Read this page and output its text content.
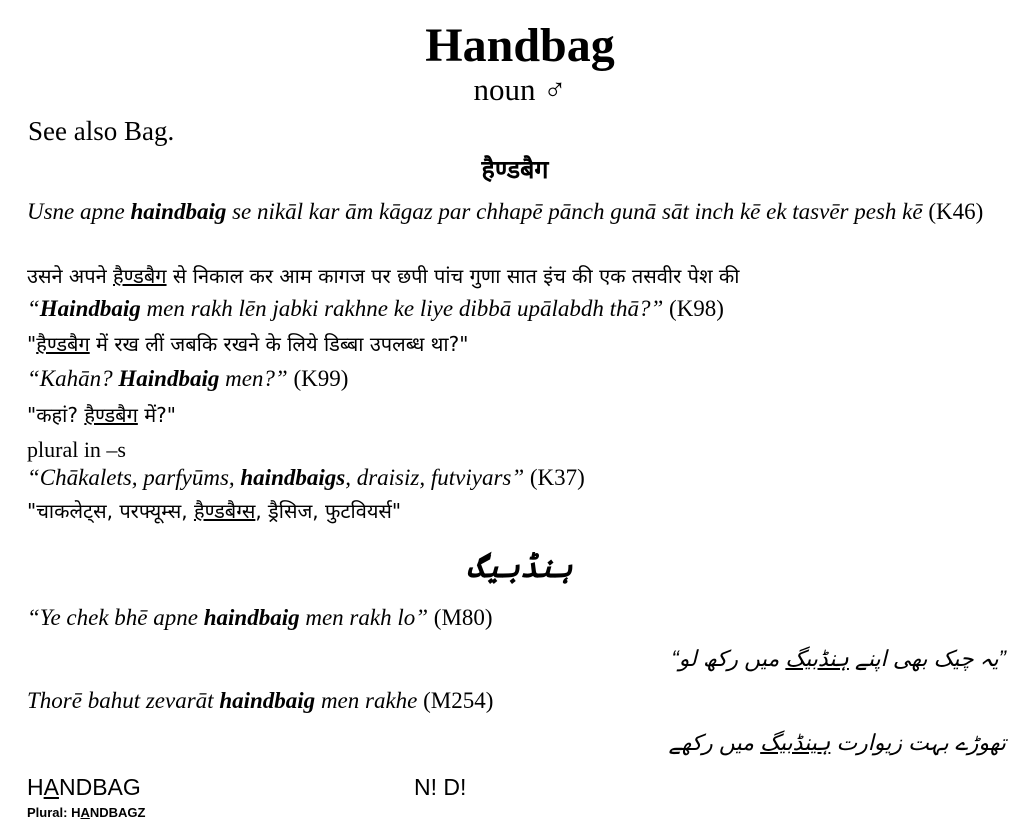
Handbag
noun ♂
See also Bag.
हैण्डबैग
Usne apne haindbaig se nikāl kar ām kāgaz par chhapē pānch gunā sāt inch kē ek tasvēr pesh kē (K46)
उसने अपने हैण्डबैग से निकाल कर आम कागज पर छपी पांच गुणा सात इंच की एक तसवीर पेश की
“Haindbaig men rakh lēn jabki rakhne ke liye dibbā upālabdh thā?” (K98)
"हैण्डबैग में रख लीं जबकि रखने के लिये डिब्बा उपलब्ध था?"
“Kahān? Haindbaig men?” (K99)
"कहां? हैण्डबैग में?"
plural in –s
“Chākalets, parfyūms, haindbaigs, draisiz, futviyars” (K37)
"चाकलेट्स, परफ्यूम्स, हैण्डबैग्स, ड्रैसिज, फुटवियर्स"
ہنڈبیگ
“Ye chek bhē apne haindbaig men rakh lo” (M80)
”یہ چیک بھی اپنے ہنڈبیگ میں رکھ لو“
Thorē bahut zevarāt haindbaig men rakhe (M254)
تھوڑے بہت زیوارت ہینڈبیگ میں رکھے
HANDBAG	N! D!
Plural: HANDBAGZ
